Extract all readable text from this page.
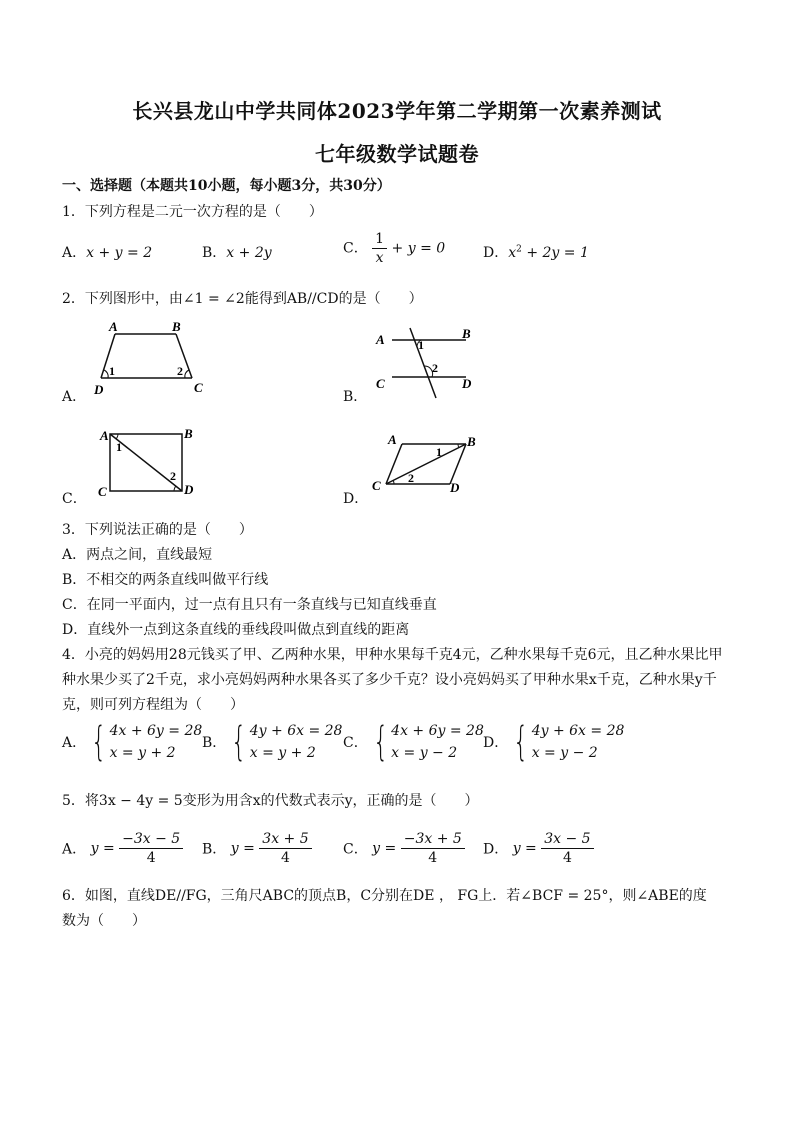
长兴县龙山中学共同体2023学年第二学期第一次素养测试
七年级数学试题卷
一、选择题（本题共10小题，每小题3分，共30分）
1．下列方程是二元一次方程的是（　　）
A．x + y = 2	B．x + 2y	C． $\frac{1}{x} + y = 0$	D．$x^2 + 2y = 1$
2．下列图形中，由∠1 = ∠2能得到AB//CD的是（　　）
A．
A	B
D	C
1	2
B．
A	B
C	D
1
2
C．
A	B
C	D
1
2
D．
A	B
C	D
1
2
3．下列说法正确的是（　　）
A．两点之间，直线最短
B．不相交的两条直线叫做平行线
C．在同一平面内，过一点有且只有一条直线与已知直线垂直
D．直线外一点到这条直线的垂线段叫做点到直线的距离
4．小亮的妈妈用28元钱买了甲、乙两种水果，甲种水果每千克4元，乙种水果每千克6元，且乙种水果比甲
种水果少买了2千克，求小亮妈妈两种水果各买了多少千克？设小亮妈妈买了甲种水果x千克，乙种水果y千
克，则可列方程组为（　　）
A． { 4x + 6y = 28
x = y + 2
B． { 4y + 6x = 28
x = y + 2
C． { 4x + 6y = 28
x = y − 2
D． { 4y + 6x = 28
x = y − 2
5．将3x − 4y = 5变形为用含x的代数式表示y，正确的是（　　）
A． $y = \frac{-3x - 5}{4}$ B． $y = \frac{3x + 5}{4}$ C． $y = \frac{-3x + 5}{4}$ D． $y = \frac{3x - 5}{4}$
6．如图，直线DE//FG，三角尺ABC的顶点B，C分别在DE ， FG上．若∠BCF = 25°，则∠ABE的度
数为（　　）
